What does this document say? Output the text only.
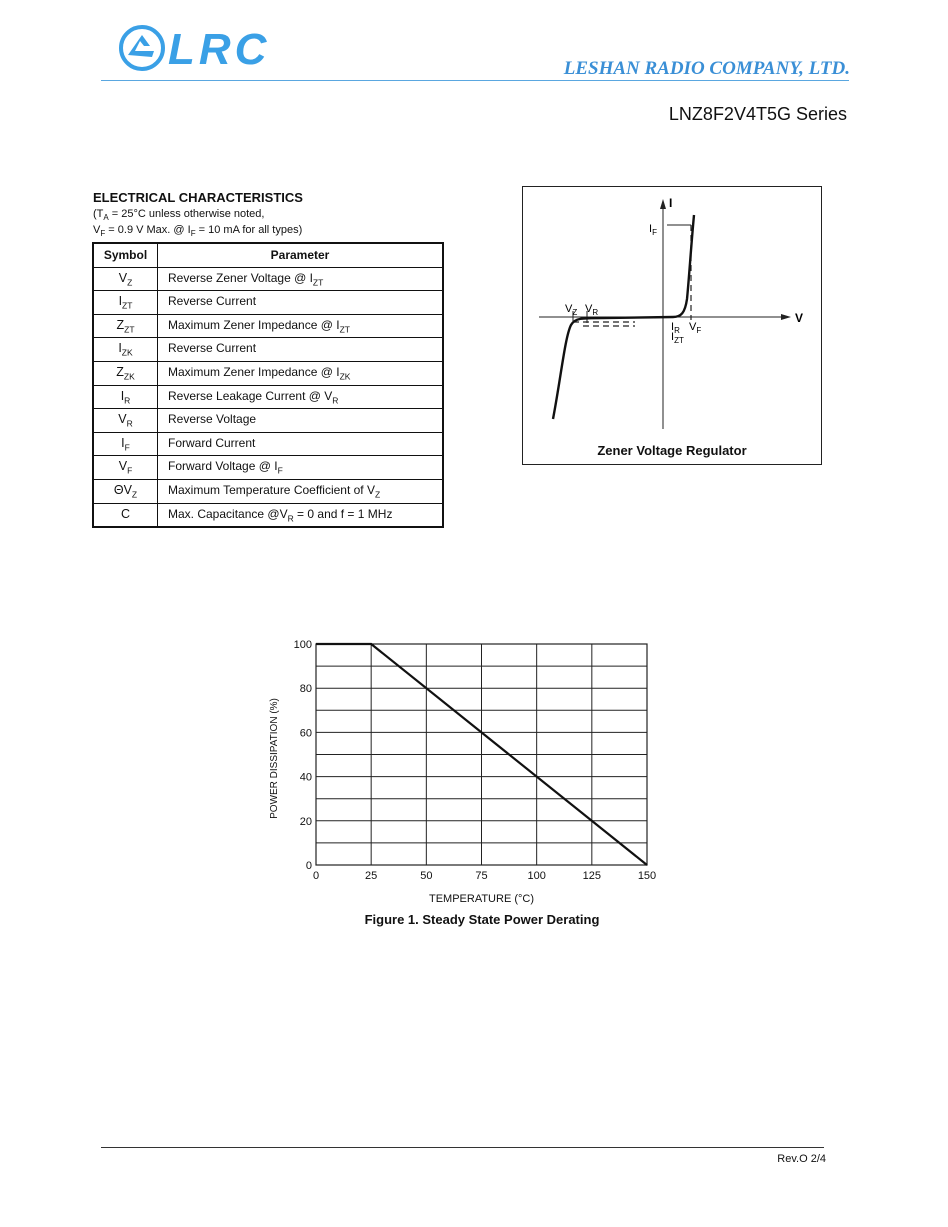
LRC	LESHAN RADIO COMPANY, LTD.
LNZ8F2V4T5G Series
ELECTRICAL CHARACTERISTICS
($T_A = 25^\circ C$ unless otherwise noted,
$V_F = 0.9$ V Max. @ $I_F = 10$ mA for all types)
Symbol	Parameter
$V_Z$	Reverse Zener Voltage @ $I_{ZT}$
$I_{ZT}$	Reverse Current
$Z_{ZT}$	Maximum Zener Impedance @ $I_{ZT}$
$I_{ZK}$	Reverse Current
$Z_{ZK}$	Maximum Zener Impedance @ $I_{ZK}$
$I_R$	Reverse Leakage Current @ $V_R$
$V_R$	Reverse Voltage
$I_F$	Forward Current
$V_F$	Forward Voltage @ $I_F$
$\Theta V_Z$	Maximum Temperature Coefficient of $V_Z$
C	Max. Capacitance $@V_R = 0$ and f = 1 MHz
I
V
$I_F$
$V_Z$ $V_R$
$I_R$ $V_F$
$I_{ZT}$
Zener Voltage Regulator
0	25	50	75	100	125	150
0
20
40
60
80
100
TEMPERATURE (°C)
POWER DISSIPATION (%)
Figure 1. Steady State Power Derating
Rev.O 2/4
